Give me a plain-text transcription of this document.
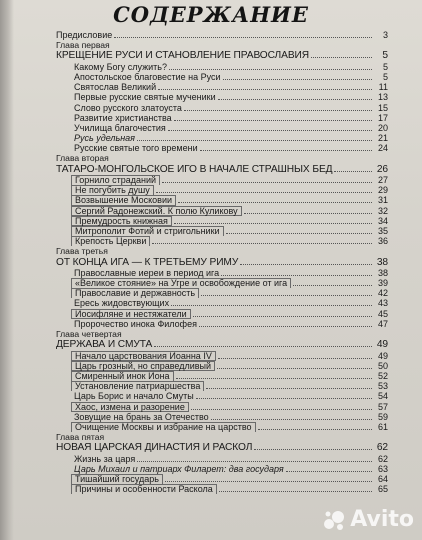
СОДЕРЖАНИЕ
Предисловие	3
Глава первая
КРЕЩЕНИЕ РУСИ И СТАНОВЛЕНИЕ ПРАВОСЛАВИЯ	5
Какому Богу служить?	5
Апостольское благовестие на Руси	5
Святослав Великий	11
Первые русские святые мученики	13
Слово русского златоуста	15
Развитие христианства	17
Училища благочестия	20
Русь удельная	21
Русские святые того времени	24
Глава вторая
ТАТАРО-МОНГОЛЬСКОЕ ИГО В НАЧАЛЕ СТРАШНЫХ БЕД	26
Горнило страданий	27
Не погубить душу	29
Возвышение Московии	31
Сергий Радонежский. К полю Куликову	32
Премудрость книжная	34
Митрополит Фотий и стригольники	35
Крепость Церкви	36
Глава третья
ОТ КОНЦА ИГА — К ТРЕТЬЕМУ РИМУ	38
Православные иереи в период ига	38
«Великое стояние» на Угре и освобождение от ига	39
Православие и державность	42
Ересь жидовствующих	43
Иосифляне и нестяжатели	45
Пророчество инока Филофея	47
Глава четвертая
ДЕРЖАВА И СМУТА	49
Начало царствования Иоанна IV	49
Царь грозный, но справедливый	50
Смиренный инок Иона	52
Установление патриаршества	53
Царь Борис и начало Смуты	54
Хаос, измена и разорение	57
Зовущие на брань за Отечество	59
Очищение Москвы и избрание на царство	61
Глава пятая
НОВАЯ ЦАРСКАЯ ДИНАСТИЯ И РАСКОЛ	62
Жизнь за царя	62
Царь Михаил и патриарх Филарет: два государя	63
Тишайший государь	64
Причины и особенности Раскола	65
Avito
